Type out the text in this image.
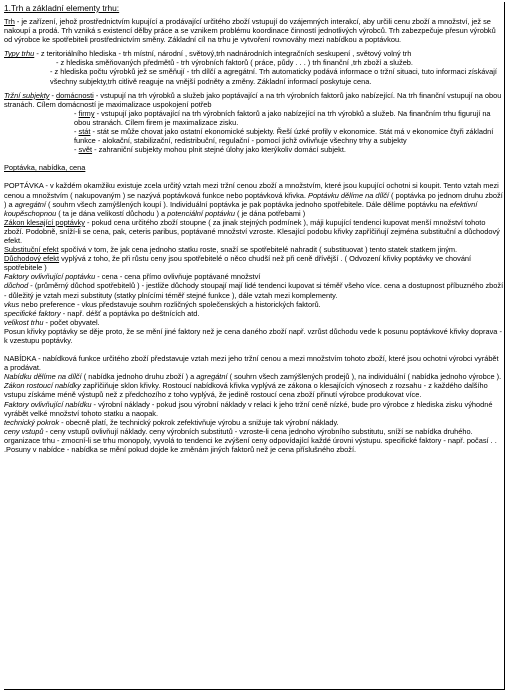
1.Trh a základní elementy trhu:

Trh - je zařízení, jehož prostřednictvím kupující a prodávající určitého zboží vstupují do vzájemných interakcí, aby určili cenu zboží a množství, jež se nakoupí a prodá. Trh vzniká s existencí dělby práce a se vznikem problému koordinace činností jednotlivých výrobců. Trh zabezpečuje přesun výrobků od výrobce ke spotřebiteli prostřednictvím směny. Základní cíl na trhu je vytvoření rovnováhy mezi nabídkou a poptávkou.

Typy trhu - z teritoriálního hlediska - trh místní, národní , světový,trh nadnárodních integračních seskupení , světový volný trh

- z hlediska směňovaných předmětů - trh výrobních faktorů ( práce, půdy . . . ) trh finanční ,trh zboží a služeb.

- z hlediska počtu výrobků jež se směňují - trh dílčí a agregátní. Trh automaticky podává informace o tržní situaci, tuto informaci získávají všechny subjekty,trh citlivě reaguje na vnější podněty a změny. Základní informací poskytuje cena.

Tržní subjekty - domácnosti - vstupují na trh výrobků a služeb jako poptávající a na trh výrobních faktorů jako nabízející. Na trh finanční vstupují na obou stranách. Cílem domácností je maximalizace uspokojení potřeb

- firmy - vstupují jako poptávající na trh výrobních faktorů a jako nabízející na trh výrobků a služeb. Na finančním trhu figurují na obou stranách. Cílem firem je maximalizace zisku.

- stát - stát se může chovat jako ostatní ekonomické subjekty. Řeší úzké profily v ekonomice. Stát má v ekonomice čtyři základní funkce - alokační, stabilizační, redistribuční, regulační - pomocí jichž ovlivňuje všechny trhy a subjekty

- svět - zahraniční subjekty mohou plnit stejné úlohy jako kterýkoliv domácí subjekt.

Poptávka, nabídka, cena

POPTÁVKA - v každém okamžiku existuje zcela určitý vztah mezi tržní cenou zboží a množstvím, které jsou kupující ochotni si koupit. Tento vztah mezi cenou a množstvím ( nakupovaným ) se nazývá poptávková funkce nebo poptávková křivka. Poptávku dělíme na dílčí ( poptávka po jednom druhu zboží ) a agregátní ( souhrn všech zamýšlených koupí ). Individuální poptávka je pak poptávka jednoho spotřebitele. Dále dělíme poptávku na efektivní koupěschopnou ( ta je dána velikostí důchodu ) a potenciální poptávku ( je dána potřebami )

Zákon klesající poptávky - pokud cena určitého zboží stoupne ( za jinak stejných podmínek ), máji kupující tendenci kupovat menší množství tohoto zboží. Podobně, sníží-li se cena, pak, ceteris paribus, poptávané množství vzroste. Klesající podobu křivky zapříčiňují zejména substituční a důchodový efekt.

Substituční efekt spočívá v tom, že jak cena jednoho statku roste, snaží se spotřebitelé nahradit ( substituovat ) tento statek statkem jiným.

Důchodový efekt vyplývá z toho, že při růstu ceny jsou spotřebitelé o něco chudší než při ceně dřívější . ( Odvození křivky poptávky ve chování spotřebitele )

Faktory ovlivňující poptávku - cena - cena přímo ovlivňuje poptávané množství

důchod - (průměrný důchod spotřebitelů ) - jestliže důchody stoupají mají lidé tendenci kupovat si téměř všeho více. cena a dostupnost příbuzného zboží - důležitý je vztah mezi substituty (statky plnícími téměř stejné funkce ), dále vztah mezi komplementy.

vkus nebo preference - vkus představuje souhrn rozličných společenských a historických faktorů.

specifické faktory - např. déšť a poptávka po deštnících atd.

velikost trhu - počet obyvatel.

Posun křivky poptávky se děje proto, že se mění jiné faktory než je cena daného zboží např. vzrůst důchodu vede k posunu poptávkové křivky doprava - k vzestupu poptávky.

NABÍDKA - nabídková funkce určitého zboží představuje vztah mezi jeho tržní cenou a mezi množstvím tohoto zboží, které jsou ochotni výrobci vyrábět a prodávat.

Nabídku dělíme na dílčí ( nabídka jednoho druhu zboží ) a agregátní ( souhrn všech zamýšlených prodejů ), na individuální ( nabídka jednoho výrobce ). Zákon rostoucí nabídky zapříčiňuje sklon křivky. Rostoucí nabídková křivka vyplývá ze zákona o klesajících výnosech z rozsahu - z každého dalšího vstupu získáme méně výstupů než z předchozího z toho vyplývá, že jedině rostoucí cena zboží přinutí výrobce produkovat více.

Faktory ovlivňující nabídku - výrobní náklady - pokud jsou výrobní náklady v relaci k jeho tržní ceně nízké, bude pro výrobce z hlediska zisku výhodné vyrábět velké množství tohoto statku a naopak.

technický pokrok - obecně platí, že technický pokrok zefektivňuje výrobu a snižuje tak výrobní náklady.

ceny vstupů - ceny vstupů ovlivňují náklady. ceny výrobních substitutů - vzroste-li cena jednoho výrobního substitutu, sníží se nabídka druhého. organizace trhu - zmocní-li se trhu monopoly, vyvolá to tendenci ke zvýšení ceny odpovídající každé úrovni výstupu. specifické faktory - např. počasí . . .Posuny v nabídce - nabídka se mění pokud dojde ke změnám jiných faktorů než je cena příslušného zboží.
